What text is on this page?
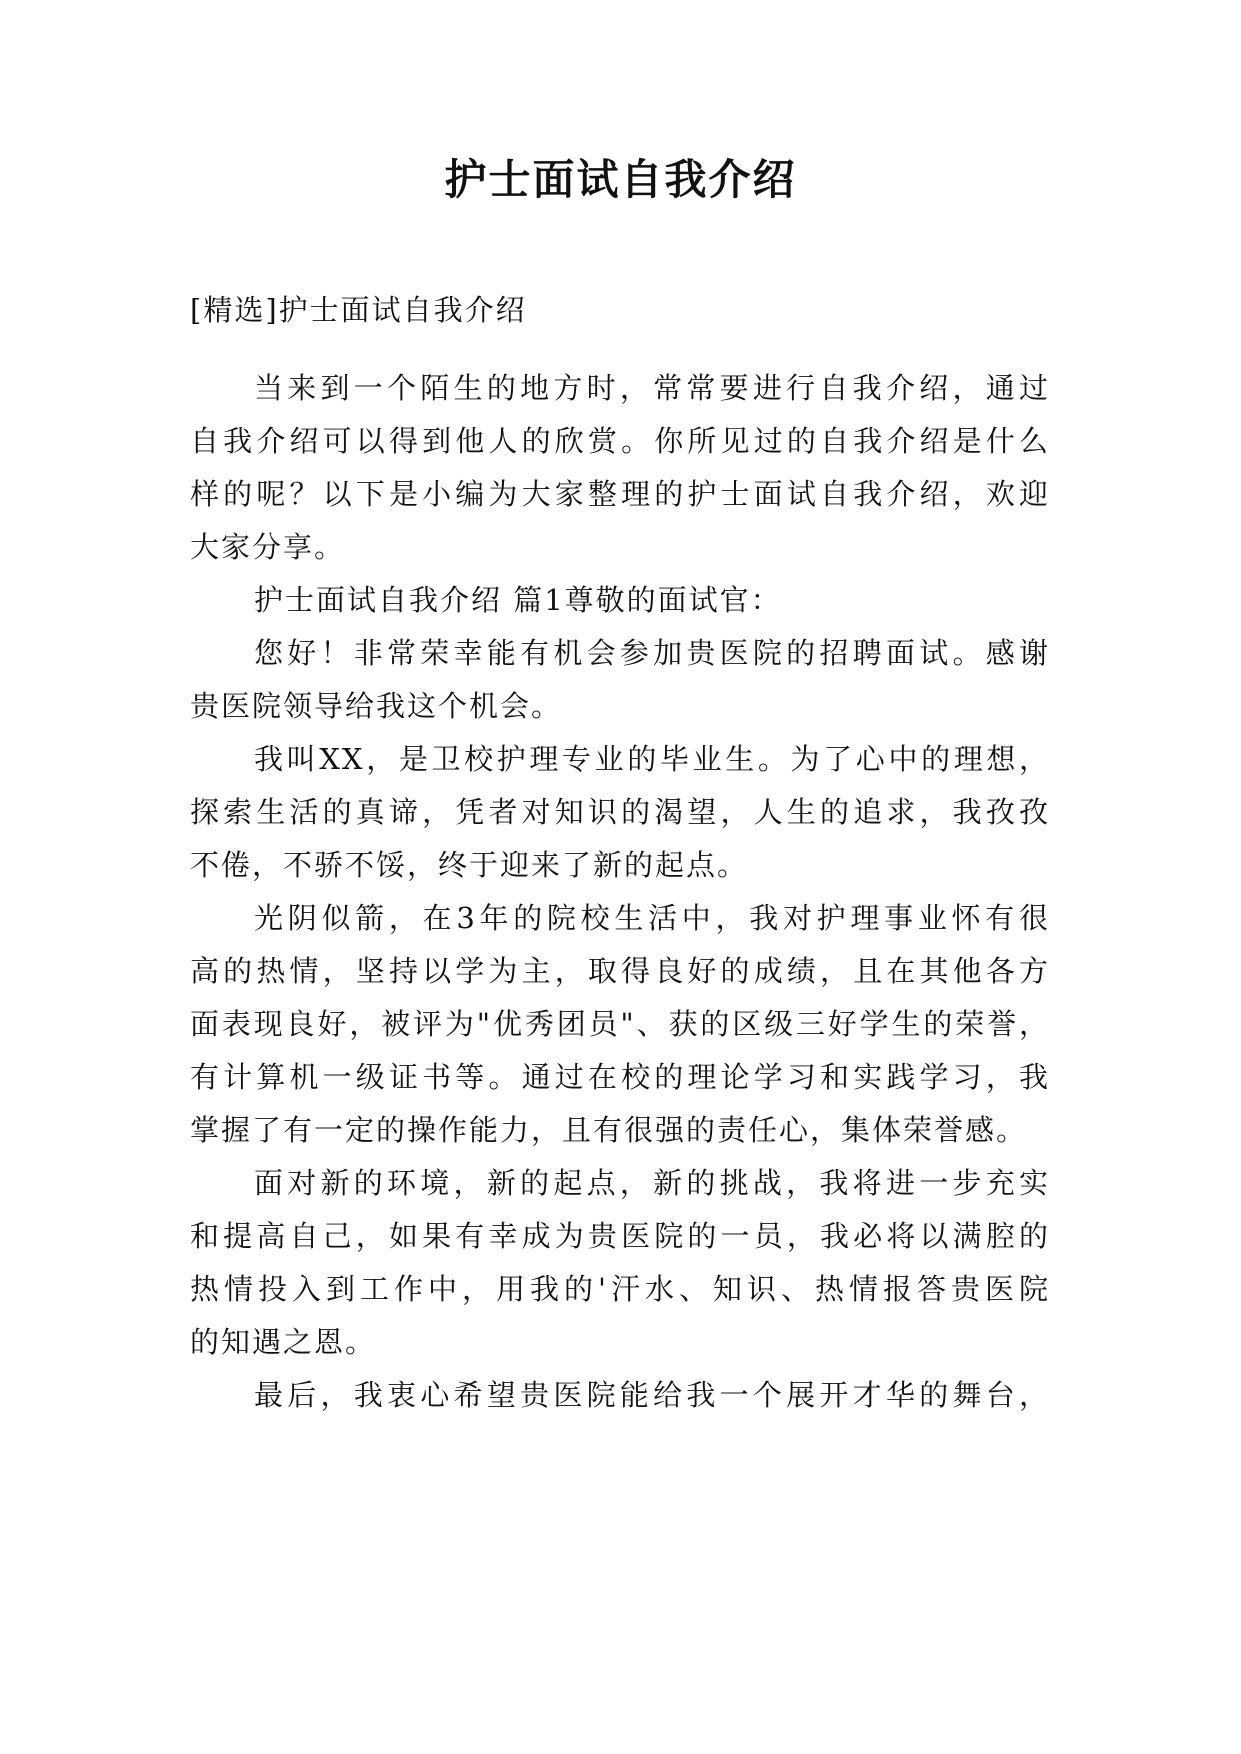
护士面试自我介绍
[精选]护士面试自我介绍
当来到一个陌生的地方时，常常要进行自我介绍，通过
自我介绍可以得到他人的欣赏。你所见过的自我介绍是什么
样的呢？以下是小编为大家整理的护士面试自我介绍，欢迎
大家分享。
护士面试自我介绍 篇1尊敬的面试官：
您好！非常荣幸能有机会参加贵医院的招聘面试。感谢
贵医院领导给我这个机会。
我叫XX，是卫校护理专业的毕业生。为了心中的理想，
探索生活的真谛，凭者对知识的渴望，人生的追求，我孜孜
不倦，不骄不馁，终于迎来了新的起点。
光阴似箭，在3年的院校生活中，我对护理事业怀有很
高的热情，坚持以学为主，取得良好的成绩，且在其他各方
面表现良好，被评为"优秀团员"、获的区级三好学生的荣誉，
有计算机一级证书等。通过在校的理论学习和实践学习，我
掌握了有一定的操作能力，且有很强的责任心，集体荣誉感。
面对新的环境，新的起点，新的挑战，我将进一步充实
和提高自己，如果有幸成为贵医院的一员，我必将以满腔的
热情投入到工作中，用我的'汗水、知识、热情报答贵医院
的知遇之恩。
最后，我衷心希望贵医院能给我一个展开才华的舞台，
